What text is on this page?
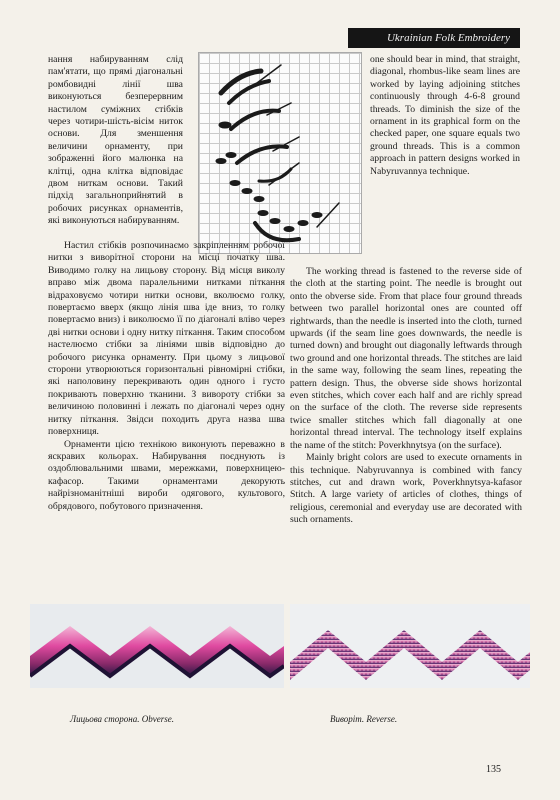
Ukrainian Folk Embroidery

нання набируванням слід пам'ятати, що прямі діагональні ромбовидні лінії шва виконуються безперервним настилом суміжних стібків через чотири-шість-вісім ниток основи. Для зменшення величини орнаменту, при зображенні його малюнка на клітці, одна клітка відповідає двом ниткам основи. Такий підхід загальноприйнятий в робочих рисунках орнаментів, які виконуються набируванням.

Настил стібків розпочинаємо закріпленням робочої нитки з виворітної сторони на місці початку шва. Виводимо голку на лицьову сторону. Від місця виколу вправо між двома паралельними нитками піткання відраховуємо чотири нитки основи, вколюємо голку, повертаємо вверх (якщо лінія шва іде вниз, то голку повертаємо вниз) і виколюємо її по діагоналі вліво через дві нитки основи і одну нитку піткання. Таким способом настелюємо стібки за лініями швів відповідно до робочого рисунка орнаменту. При цьому з лицьової сторони утворюються горизонтальні рівномірні стібки, які наполовину перекривають один одного і густо покривають поверхню тканини. З вивороту стібки за величиною половинні і лежать по діагоналі через одну нитку піткання. Звідси походить друга назва шва поверхниця.

Орнаменти цією технікою виконують переважно в яскравих кольорах. Набирування поєднують із оздоблювальними швами, мережками, поверхницею-кафасор. Такими орнаментами декорують найрізноманітніші вироби одягового, культового, обрядового, побутового призначення.

one should bear in mind, that straight, diagonal, rhombus-like seam lines are worked by laying adjoining stitches continuously through 4-6-8 ground threads. To diminish the size of the ornament in its graphical form on the checked paper, one square equals two ground threads. This is a common approach in pattern designs worked in Nabyruvannya technique.

The working thread is fastened to the reverse side of the cloth at the starting point. The needle is brought out onto the obverse side. From that place four ground threads between two parallel horizontal ones are counted off rightwards, than the needle is inserted into the cloth, turned upwards (if the seam line goes downwards, the needle is turned down) and brought out diagonally leftwards through two ground and one horizontal threads. The stitches are laid in the same way, following the seam lines, repeating the pattern design. Thus, the obverse side shows horizontal even stitches, which cover each half and are richly spread on the surface of the cloth. The reverse side represents twice smaller stitches which fall diagonally at one horizontal thread interval. The technology itself explains the name of the stitch: Poverkhnytsya (on the surface).

Mainly bright colors are used to execute ornaments in this technique. Nabyruvannya is combined with fancy stitches, cut and drawn work, Poverkhnytsya-kafasor Stitch. A large variety of articles of clothes, things of religious, ceremonial and everyday use are decorated with such ornaments.

Лицьова сторона. Obverse.	Виворіт. Reverse.
135
